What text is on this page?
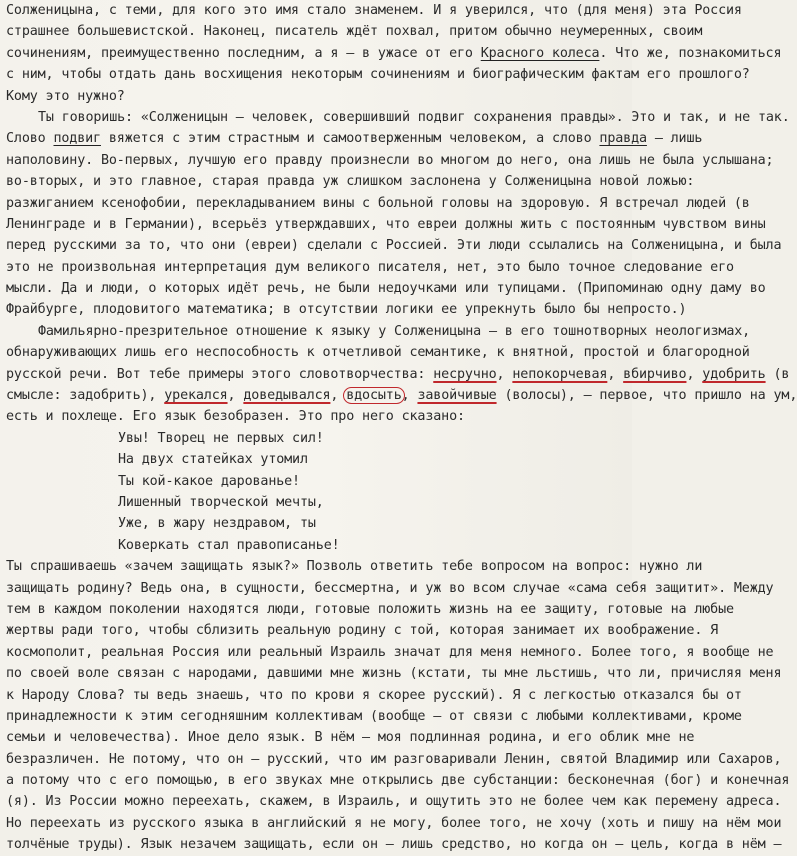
Солженицына, с теми, для кого это имя стало знаменем. И я уверился, что (для меня) эта Россия
страшнее большевистской. Наконец, писатель ждёт похвал, притом обычно неумеренных, своим
сочинениям, преимущественно последним, а я – в ужасе от его Красного колеса. Что же, познакомиться
с ним, чтобы отдать дань восхищения некоторым сочинениям и биографическим фактам его прошлого?
Кому это нужно?
Ты говоришь: «Солженицын – человек, совершивший подвиг сохранения правды». Это и так, и не так.
Слово подвиг вяжется с этим страстным и самоотверженным человеком, а слово правда – лишь
наполовину. Во-первых, лучшую его правду произнесли во многом до него, она лишь не была услышана;
во-вторых, и это главное, старая правда уж слишком заслонена у Солженицына новой ложью:
разжиганием ксенофобии, перекладыванием вины с больной головы на здоровую. Я встречал людей (в
Ленинграде и в Германии), всерьёз утверждавших, что евреи должны жить с постоянным чувством вины
перед русскими за то, что они (евреи) сделали с Россией. Эти люди ссылались на Солженицына, и была
это не произвольная интерпретация дум великого писателя, нет, это было точное следование его
мысли. Да и люди, о которых идёт речь, не были недоучками или тупицами. (Припоминаю одну даму во
Фрайбурге, плодовитого математика; в отсутствии логики ее упрекнуть было бы непросто.)
Фамильярно-презрительное отношение к языку у Солженицына – в его тошнотворных неологизмах,
обнаруживающих лишь его неспособность к отчетливой семантике, к внятной, простой и благородной
русской речи. Вот тебе примеры этого словотворчества: несручно, непокорчевая, вбирчиво, удобрить (в
смысле: задобрить), урекался, доведывался, вдосыть, завойчивые (волосы), – первое, что пришло на ум,
есть и похлеще. Его язык безобразен. Это про него сказано:
Увы! Творец не первых сил!
На двух статейках утомил
Ты кой-какое дарованье!
Лишенный творческой мечты,
Уже, в жару нездравом, ты
Коверкать стал правописанье!
Ты спрашиваешь «зачем защищать язык?» Позволь ответить тебе вопросом на вопрос: нужно ли
защищать родину? Ведь она, в сущности, бессмертна, и уж во всом случае «сама себя защитит». Между
тем в каждом поколении находятся люди, готовые положить жизнь на ее защиту, готовые на любые
жертвы ради того, чтобы сблизить реальную родину с той, которая занимает их воображение. Я
космополит, реальная Россия или реальный Израиль значат для меня немного. Более того, я вообще не
по своей воле связан с народами, давшими мне жизнь (кстати, ты мне льстишь, что ли, причисляя меня
к Народу Слова? ты ведь знаешь, что по крови я скорее русский). Я с легкостью отказался бы от
принадлежности к этим сегодняшним коллективам (вообще – от связи с любыми коллективами, кроме
семьи и человечества). Иное дело язык. В нём – моя подлинная родина, и его облик мне не
безразличен. Не потому, что он – русский, что им разговаривали Ленин, святой Владимир или Сахаров,
а потому что с его помощью, в его звуках мне открылись две субстанции: бесконечная (бог) и конечная
(я). Из России можно переехать, скажем, в Израиль, и ощутить это не более чем как перемену адреса.
Но переехать из русского языка в английский я не могу, более того, не хочу (хоть и пишу на нём мои
толчёные труды). Язык незачем защищать, если он – лишь средство, но когда он – цель, когда в нём –
